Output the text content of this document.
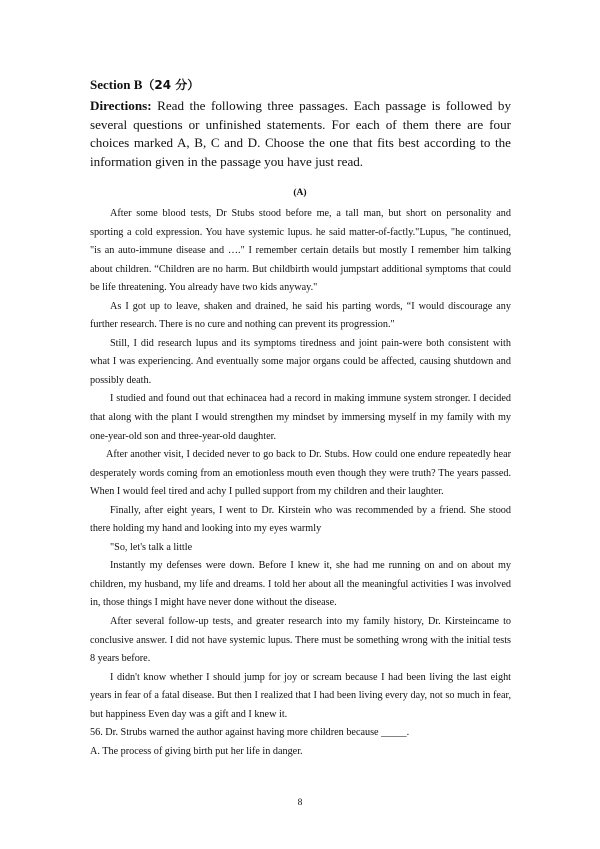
Section B（24 分）

Directions: Read the following three passages. Each passage is followed by several questions or unfinished statements. For each of them there are four choices marked A, B, C and D. Choose the one that fits best according to the information given in the passage you have just read.

(A)

After some blood tests, Dr Stubs stood before me, a tall man, but short on personality and sporting a cold expression. You have systemic lupus. he said matter-of-factly."Lupus, "he continued, "is an auto-immune disease and …." I remember certain details but mostly I remember him talking about children. “Children are no harm. But childbirth would jumpstart additional symptoms that could be life threatening. You already have two kids anyway."

As I got up to leave, shaken and drained, he said his parting words, “I would discourage any further research. There is no cure and nothing can prevent its progression."

Still, I did research lupus and its symptoms tiredness and joint pain-were both consistent with what I was experiencing. And eventually some major organs could be affected, causing shutdown and possibly death.

I studied and found out that echinacea had a record in making immune system stronger. I decided that along with the plant I would strengthen my mindset by immersing myself in my family with my one-year-old son and three-year-old daughter.

After another visit, I decided never to go back to Dr. Stubs. How could one endure repeatedly hear desperately words coming from an emotionless mouth even though they were truth? The years passed. When I would feel tired and achy I pulled support from my children and their laughter.

Finally, after eight years, I went to Dr. Kirstein who was recommended by a friend. She stood there holding my hand and looking into my eyes warmly

"So, let's talk a little

Instantly my defenses were down. Before I knew it, she had me running on and on about my children, my husband, my life and dreams. I told her about all the meaningful activities I was involved in, those things I might have never done without the disease.

After several follow-up tests, and greater research into my family history, Dr. Kirsteincame to conclusive answer. I did not have systemic lupus. There must be something wrong with the initial tests 8 years before.

I didn't know whether I should jump for joy or scream because I had been living the last eight years in fear of a fatal disease. But then I realized that I had been living every day, not so much in fear, but happiness Even day was a gift and I knew it.

56. Dr. Strubs warned the author against having more children because _____.

A. The process of giving birth put her life in danger.

8
